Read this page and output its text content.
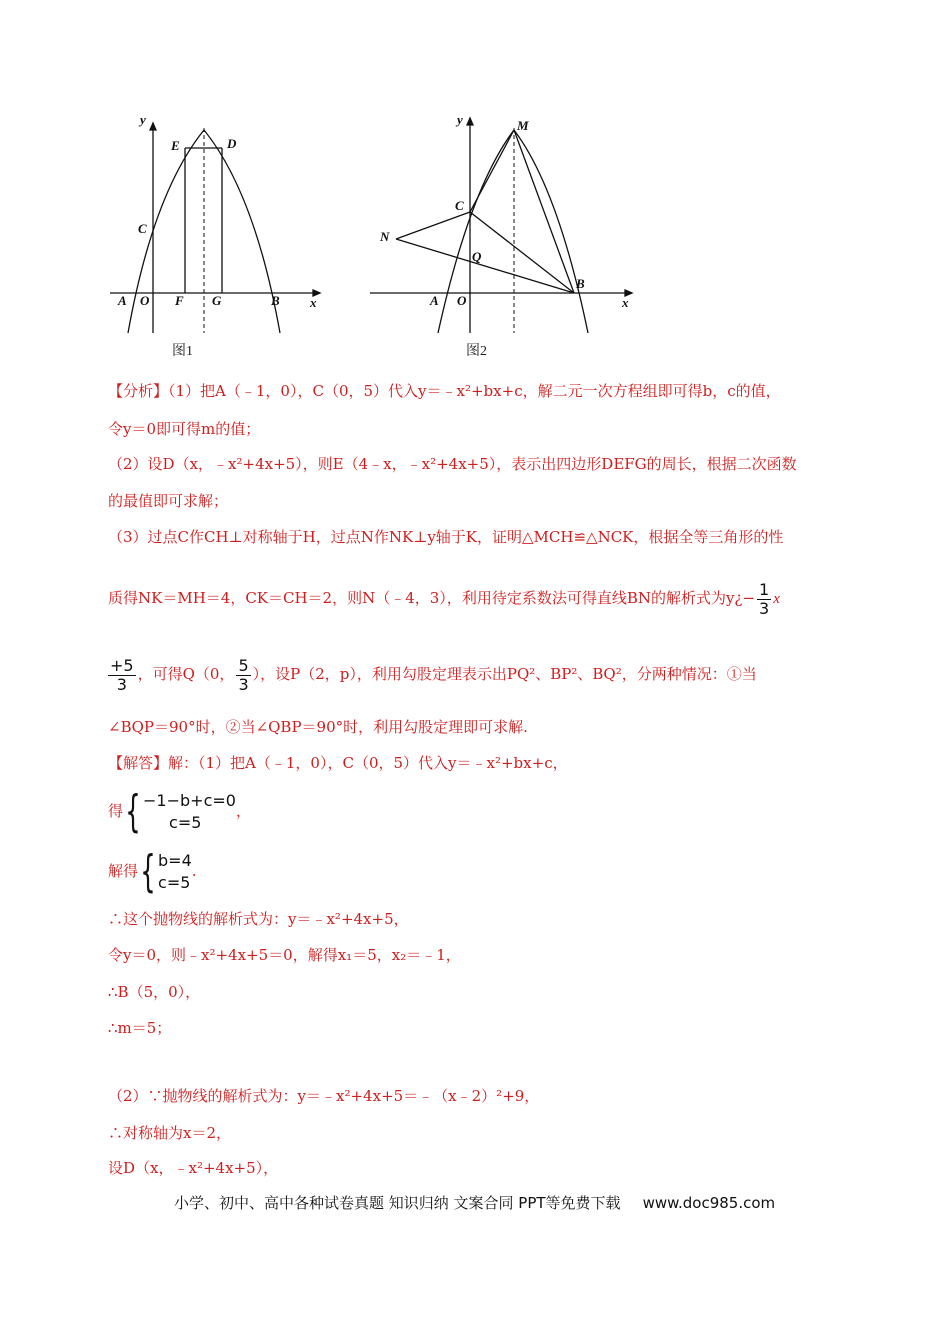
y
x
E	D
C
A O F G	B
图1
y
x
M
C
N
Q
A O
B
图2
【分析】（1）把A（﹣1，0），C（0，5）代入y＝﹣x²+bx+c，解二元一次方程组即可得b，c的值，
令y＝0即可得m的值；
（2）设D（x，﹣x²+4x+5），则E（4﹣x，﹣x²+4x+5），表示出四边形DEFG的周长，根据二次函数
的最值即可求解；
（3）过点C作CH⊥对称轴于H，过点N作NK⊥y轴于K，证明△MCH≌△NCK，根据全等三角形的性
质得NK＝MH＝4，CK＝CH＝2，则N（﹣4，3），利用待定系数法可得直线BN的解析式为y¿− $\frac{1}{3}$ x
$\frac{+5}{3}$ ，可得Q（0， $\frac{5}{3}$ ），设P（2，p），利用勾股定理表示出PQ²、BP²、BQ²，分两种情况：①当
∠BQP＝90°时，②当∠QBP＝90°时，利用勾股定理即可求解.
【解答】解：（1）把A（﹣1，0），C（0，5）代入y＝﹣x²+bx+c，
得{ −1−b+c=0
c=5
，
解得{ b=4
c=5
.
∴这个抛物线的解析式为：y＝﹣x²+4x+5，
令y＝0，则﹣x²+4x+5＝0，解得x₁＝5，x₂＝﹣1，
∴B（5，0），
∴m＝5；
（2）∵抛物线的解析式为：y＝﹣x²+4x+5＝﹣（x﹣2）²+9，
∴对称轴为x＝2，
设D（x，﹣x²+4x+5），
小学、初中、高中各种试卷真题 知识归纳 文案合同 PPT等免费下载 www.doc985.com
